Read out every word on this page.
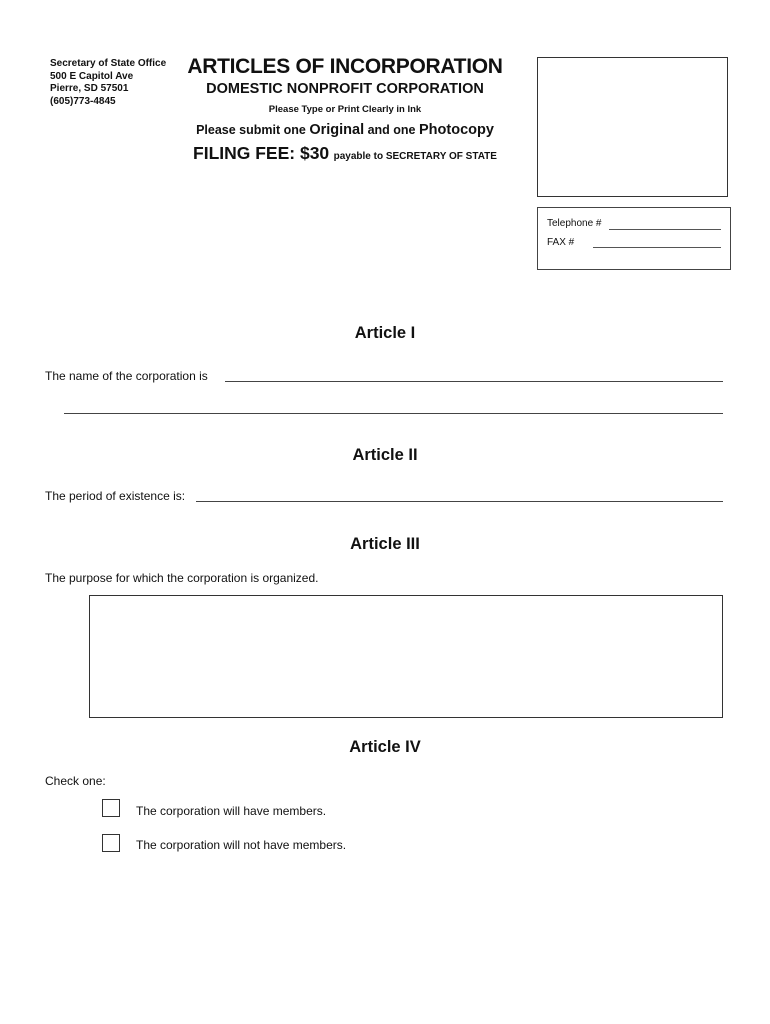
Secretary of State Office
500 E Capitol Ave
Pierre, SD 57501
(605)773-4845
ARTICLES OF INCORPORATION
DOMESTIC NONPROFIT CORPORATION
Please Type or Print Clearly in Ink
Please submit one Original and one Photocopy
FILING FEE: $30 payable to SECRETARY OF STATE
Telephone #
FAX #
Article I
The name of the corporation is
Article II
The period of existence is:
Article III
The purpose for which the corporation is organized.
Article IV
Check one:
The corporation will have members.
The corporation will not have members.
